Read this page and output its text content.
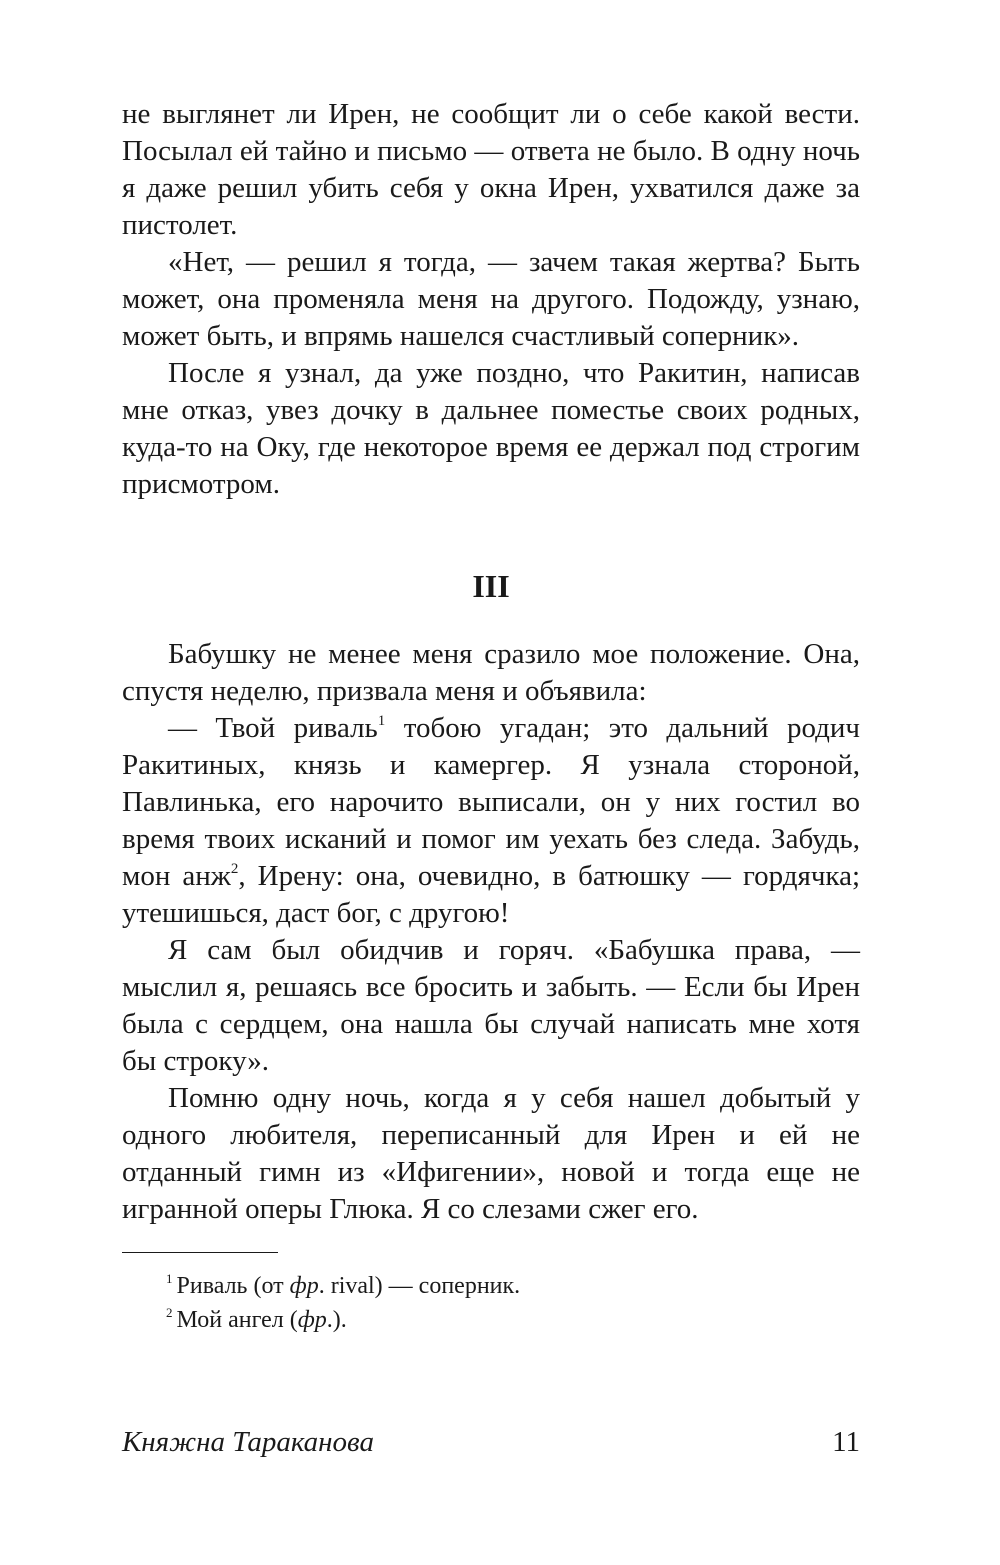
не выглянет ли Ирен, не сообщит ли о себе какой вести. Посылал ей тайно и письмо — ответа не было. В одну ночь я даже решил убить себя у окна Ирен, ухватился даже за пистолет.

«Нет, — решил я тогда, — зачем такая жертва? Быть может, она променяла меня на другого. Подожду, узнаю, может быть, и впрямь нашелся счастливый соперник».

После я узнал, да уже поздно, что Ракитин, написав мне отказ, увез дочку в дальнее поместье своих родных, куда-то на Оку, где некоторое время ее держал под строгим присмотром.

III

Бабушку не менее меня сразило мое положение. Она, спустя неделю, призвала меня и объявила:

— Твой риваль$^1$ тобою угадан; это дальний родич Ракитиных, князь и камергер. Я узнала стороной, Павлинька, его нарочито выписали, он у них гостил во время твоих исканий и помог им уехать без следа. Забудь, мон анж$^2$, Ирену: она, очевидно, в батюшку — гордячка; утешишься, даст бог, с другою!

Я сам был обидчив и горяч. «Бабушка права, — мыслил я, решаясь все бросить и забыть. — Если бы Ирен была с сердцем, она нашла бы случай написать мне хотя бы строку».

Помню одну ночь, когда я у себя нашел добытый у одного любителя, переписанный для Ирен и ей не отданный гимн из «Ифигении», новой и тогда еще не игранной оперы Глюка. Я со слезами сжег его.

$^1$ Риваль (от фр. rival) — соперник.

$^2$ Мой ангел (фр.).

Княжна Тараканова	11
